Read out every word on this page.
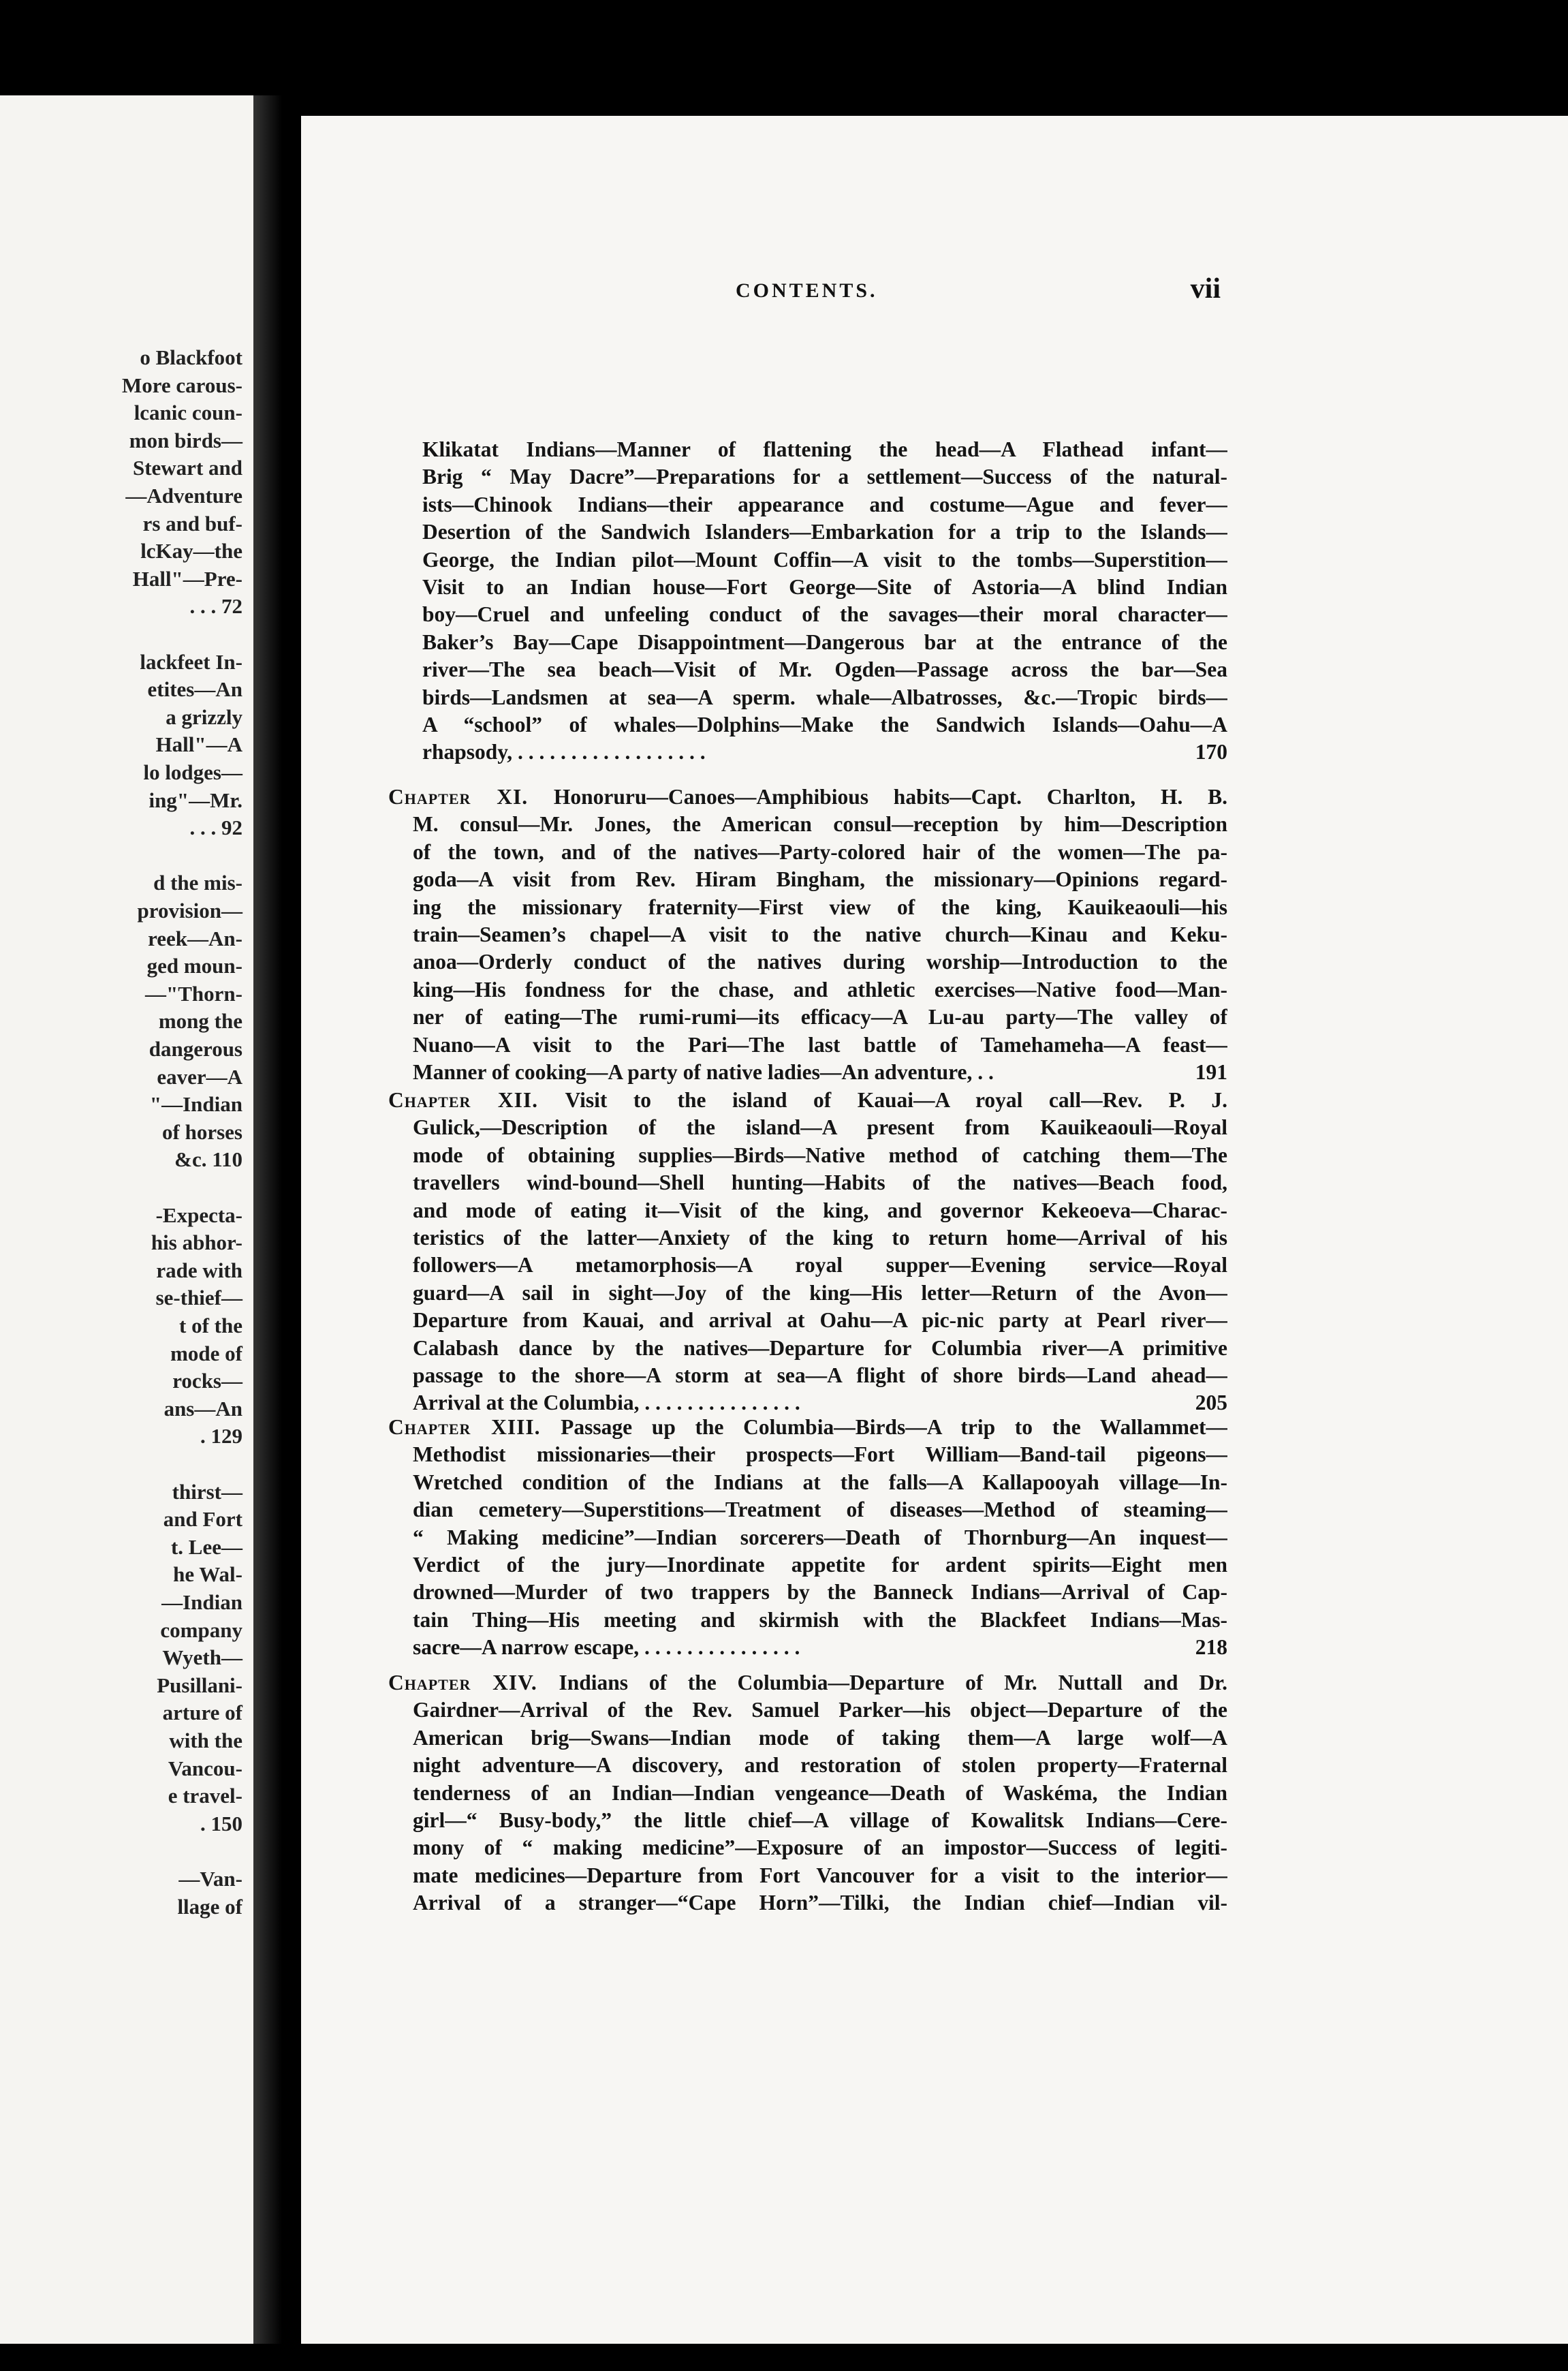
o Blackfoot
More carous-
lcanic coun-
mon birds—
Stewart and
—Adventure
rs and buf-
lcKay—the
Hall"—Pre-
. . . 72
lackfeet In-
etites—An
a grizzly
Hall"—A
lo lodges—
ing"—Mr.
. . . 92
d the mis-
provision—
reek—An-
ged moun-
—"Thorn-
mong the
dangerous
eaver—A
"—Indian
of horses
&c. 110
-Expecta-
his abhor-
rade with
se-thief—
t of the
mode of
rocks—
ans—An
. 129
thirst—
and Fort
t. Lee—
he Wal-
—Indian
company
Wyeth—
Pusillani-
arture of
with the
Vancou-
e travel-
. 150
—Van-
llage of
CONTENTS.	vii
Klikatat Indians—Manner of flattening the head—A Flathead infant—
Brig “ May Dacre”—Preparations for a settlement—Success of the natural-
ists—Chinook Indians—their appearance and costume—Ague and fever—
Desertion of the Sandwich Islanders—Embarkation for a trip to the Islands—
George, the Indian pilot—Mount Coffin—A visit to the tombs—Superstition—
Visit to an Indian house—Fort George—Site of Astoria—A blind Indian
boy—Cruel and unfeeling conduct of the savages—their moral character—
Baker’s Bay—Cape Disappointment—Dangerous bar at the entrance of the
river—The sea beach—Visit of Mr. Ogden—Passage across the bar—Sea
birds—Landsmen at sea—A sperm. whale—Albatrosses, &c.—Tropic birds—
A “school” of whales—Dolphins—Make the Sandwich Islands—Oahu—A
rhapsody, . . . . . . . . . . . . . . . . . .	170
Chapter XI. Honoruru—Canoes—Amphibious habits—Capt. Charlton, H. B.
M. consul—Mr. Jones, the American consul—reception by him—Description
of the town, and of the natives—Party-colored hair of the women—The pa-
goda—A visit from Rev. Hiram Bingham, the missionary—Opinions regard-
ing the missionary fraternity—First view of the king, Kauikeaouli—his
train—Seamen’s chapel—A visit to the native church—Kinau and Keku-
anoa—Orderly conduct of the natives during worship—Introduction to the
king—His fondness for the chase, and athletic exercises—Native food—Man-
ner of eating—The rumi-rumi—its efficacy—A Lu-au party—The valley of
Nuano—A visit to the Pari—The last battle of Tamehameha—A feast—
Manner of cooking—A party of native ladies—An adventure, . .	191
Chapter XII. Visit to the island of Kauai—A royal call—Rev. P. J.
Gulick,—Description of the island—A present from Kauikeaouli—Royal
mode of obtaining supplies—Birds—Native method of catching them—The
travellers wind-bound—Shell hunting—Habits of the natives—Beach food,
and mode of eating it—Visit of the king, and governor Kekeoeva—Charac-
teristics of the latter—Anxiety of the king to return home—Arrival of his
followers—A metamorphosis—A royal supper—Evening service—Royal
guard—A sail in sight—Joy of the king—His letter—Return of the Avon—
Departure from Kauai, and arrival at Oahu—A pic-nic party at Pearl river—
Calabash dance by the natives—Departure for Columbia river—A primitive
passage to the shore—A storm at sea—A flight of shore birds—Land ahead—
Arrival at the Columbia, . . . . . . . . . . . . . . .	205
Chapter XIII. Passage up the Columbia—Birds—A trip to the Wallammet—
Methodist missionaries—their prospects—Fort William—Band-tail pigeons—
Wretched condition of the Indians at the falls—A Kallapooyah village—In-
dian cemetery—Superstitions—Treatment of diseases—Method of steaming—
“ Making medicine”—Indian sorcerers—Death of Thornburg—An inquest—
Verdict of the jury—Inordinate appetite for ardent spirits—Eight men
drowned—Murder of two trappers by the Banneck Indians—Arrival of Cap-
tain Thing—His meeting and skirmish with the Blackfeet Indians—Mas-
sacre—A narrow escape, . . . . . . . . . . . . . . .	218
Chapter XIV. Indians of the Columbia—Departure of Mr. Nuttall and Dr.
Gairdner—Arrival of the Rev. Samuel Parker—his object—Departure of the
American brig—Swans—Indian mode of taking them—A large wolf—A
night adventure—A discovery, and restoration of stolen property—Fraternal
tenderness of an Indian—Indian vengeance—Death of Waskéma, the Indian
girl—“ Busy-body,” the little chief—A village of Kowalitsk Indians—Cere-
mony of “ making medicine”—Exposure of an impostor—Success of legiti-
mate medicines—Departure from Fort Vancouver for a visit to the interior—
Arrival of a stranger—“Cape Horn”—Tilki, the Indian chief—Indian vil-
